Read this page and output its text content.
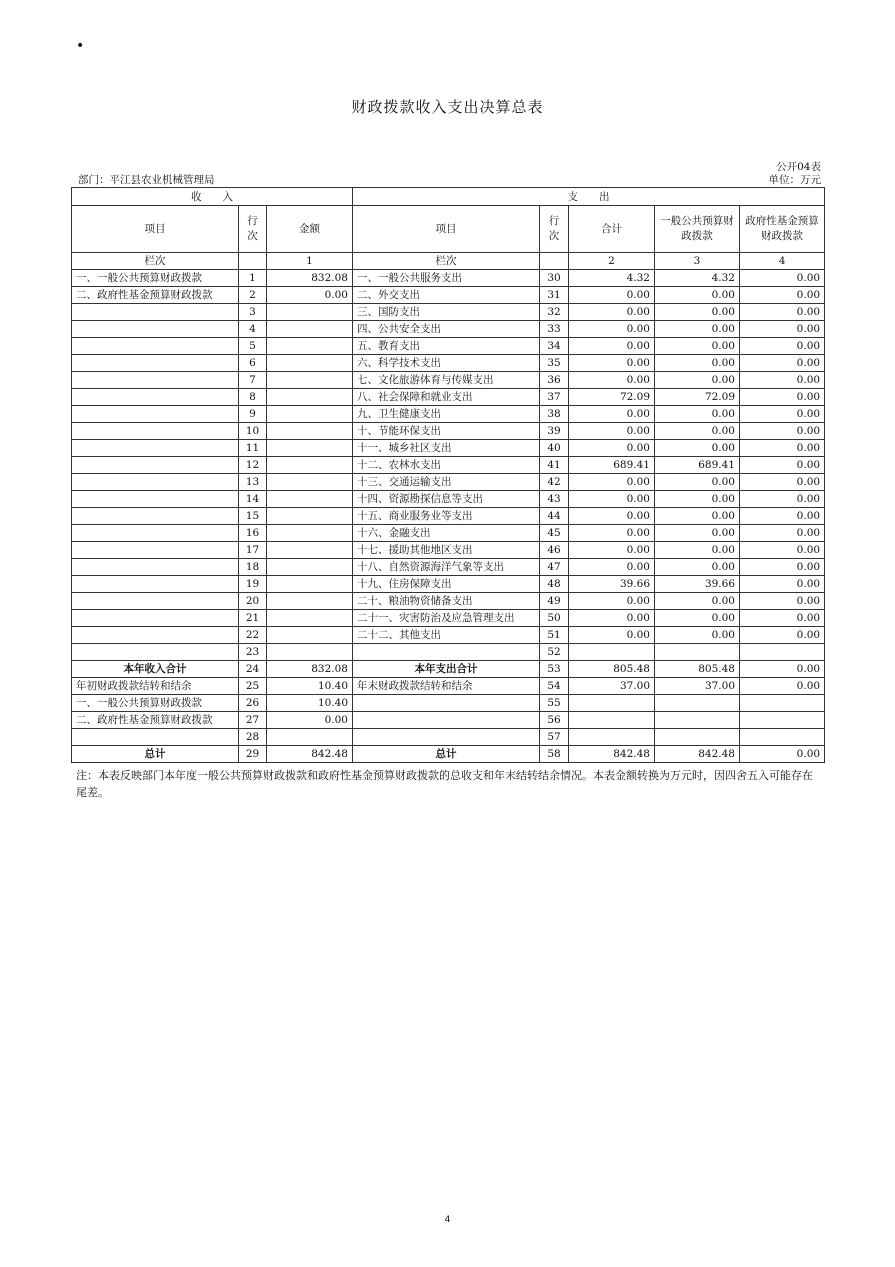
•
财政拨款收入支出决算总表
公开04表
部门：平江县农业机械管理局	单位：万元
收　　入			支　　出				
项目	行次	金额	项目	行次	合计	一般公共预算财政拨款	政府性基金预算财政拨款
栏次		1	栏次		2	3	4
一、一般公共预算财政拨款	1	832.08	一、一般公共服务支出	30	4.32	4.32	0.00
二、政府性基金预算财政拨款	2	0.00	二、外交支出	31	0.00	0.00	0.00
	3		三、国防支出	32	0.00	0.00	0.00
	4		四、公共安全支出	33	0.00	0.00	0.00
	5		五、教育支出	34	0.00	0.00	0.00
	6		六、科学技术支出	35	0.00	0.00	0.00
	7		七、文化旅游体育与传媒支出	36	0.00	0.00	0.00
	8		八、社会保障和就业支出	37	72.09	72.09	0.00
	9		九、卫生健康支出	38	0.00	0.00	0.00
	10		十、节能环保支出	39	0.00	0.00	0.00
	11		十一、城乡社区支出	40	0.00	0.00	0.00
	12		十二、农林水支出	41	689.41	689.41	0.00
	13		十三、交通运输支出	42	0.00	0.00	0.00
	14		十四、资源勘探信息等支出	43	0.00	0.00	0.00
	15		十五、商业服务业等支出	44	0.00	0.00	0.00
	16		十六、金融支出	45	0.00	0.00	0.00
	17		十七、援助其他地区支出	46	0.00	0.00	0.00
	18		十八、自然资源海洋气象等支出	47	0.00	0.00	0.00
	19		十九、住房保障支出	48	39.66	39.66	0.00
	20		二十、粮油物资储备支出	49	0.00	0.00	0.00
	21		二十一、灾害防治及应急管理支出	50	0.00	0.00	0.00
	22		二十二、其他支出	51	0.00	0.00	0.00
	23			52			
本年收入合计	24	832.08	本年支出合计	53	805.48	805.48	0.00
年初财政拨款结转和结余	25	10.40	年末财政拨款结转和结余	54	37.00	37.00	0.00
一、一般公共预算财政拨款	26	10.40		55			
二、政府性基金预算财政拨款	27	0.00		56			
	28			57			
总计	29	842.48	总计	58	842.48	842.48	0.00
注：本表反映部门本年度一般公共预算财政拨款和政府性基金预算财政拨款的总收支和年末结转结余情况。本表金额转换为万元时，因四舍五入可能存在尾差。
4
